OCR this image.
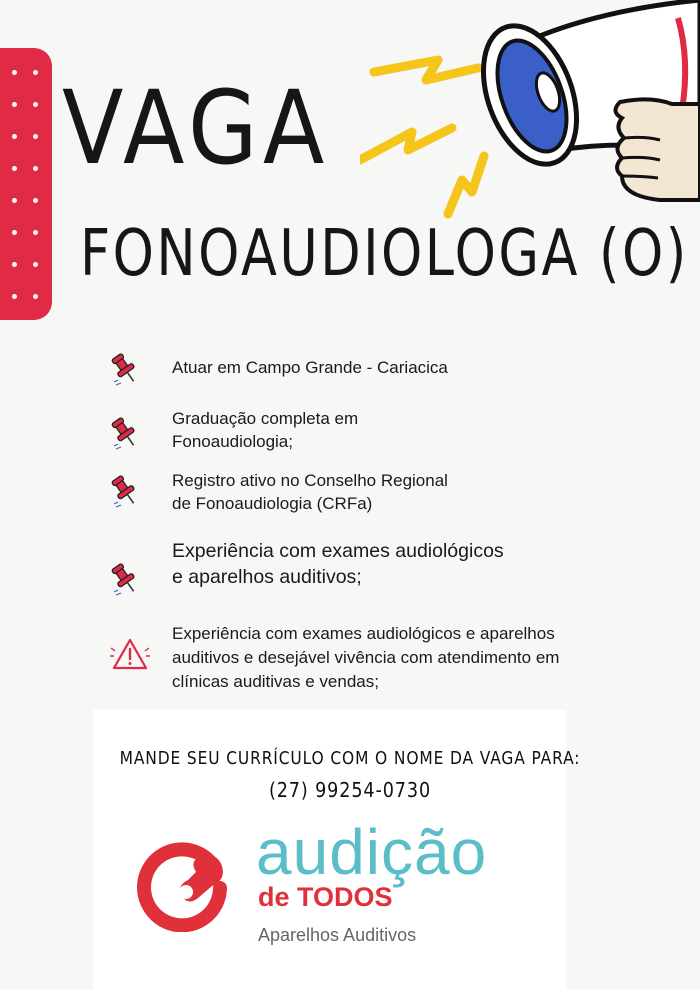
VAGA
FONOAUDIOLOGA (O)
Atuar em Campo Grande - Cariacica
Graduação completa em
Fonoaudiologia;
Registro ativo no Conselho Regional
de Fonoaudiologia (CRFa)
Experiência com exames audiológicos
e aparelhos auditivos;
Experiência com exames audiológicos e aparelhos
auditivos e desejável vivência com atendimento em
clínicas auditivas e vendas;
MANDE SEU CURRÍCULO COM O NOME DA VAGA PARA:
(27) 99254-0730
audição
de TODOS
Aparelhos Auditivos
